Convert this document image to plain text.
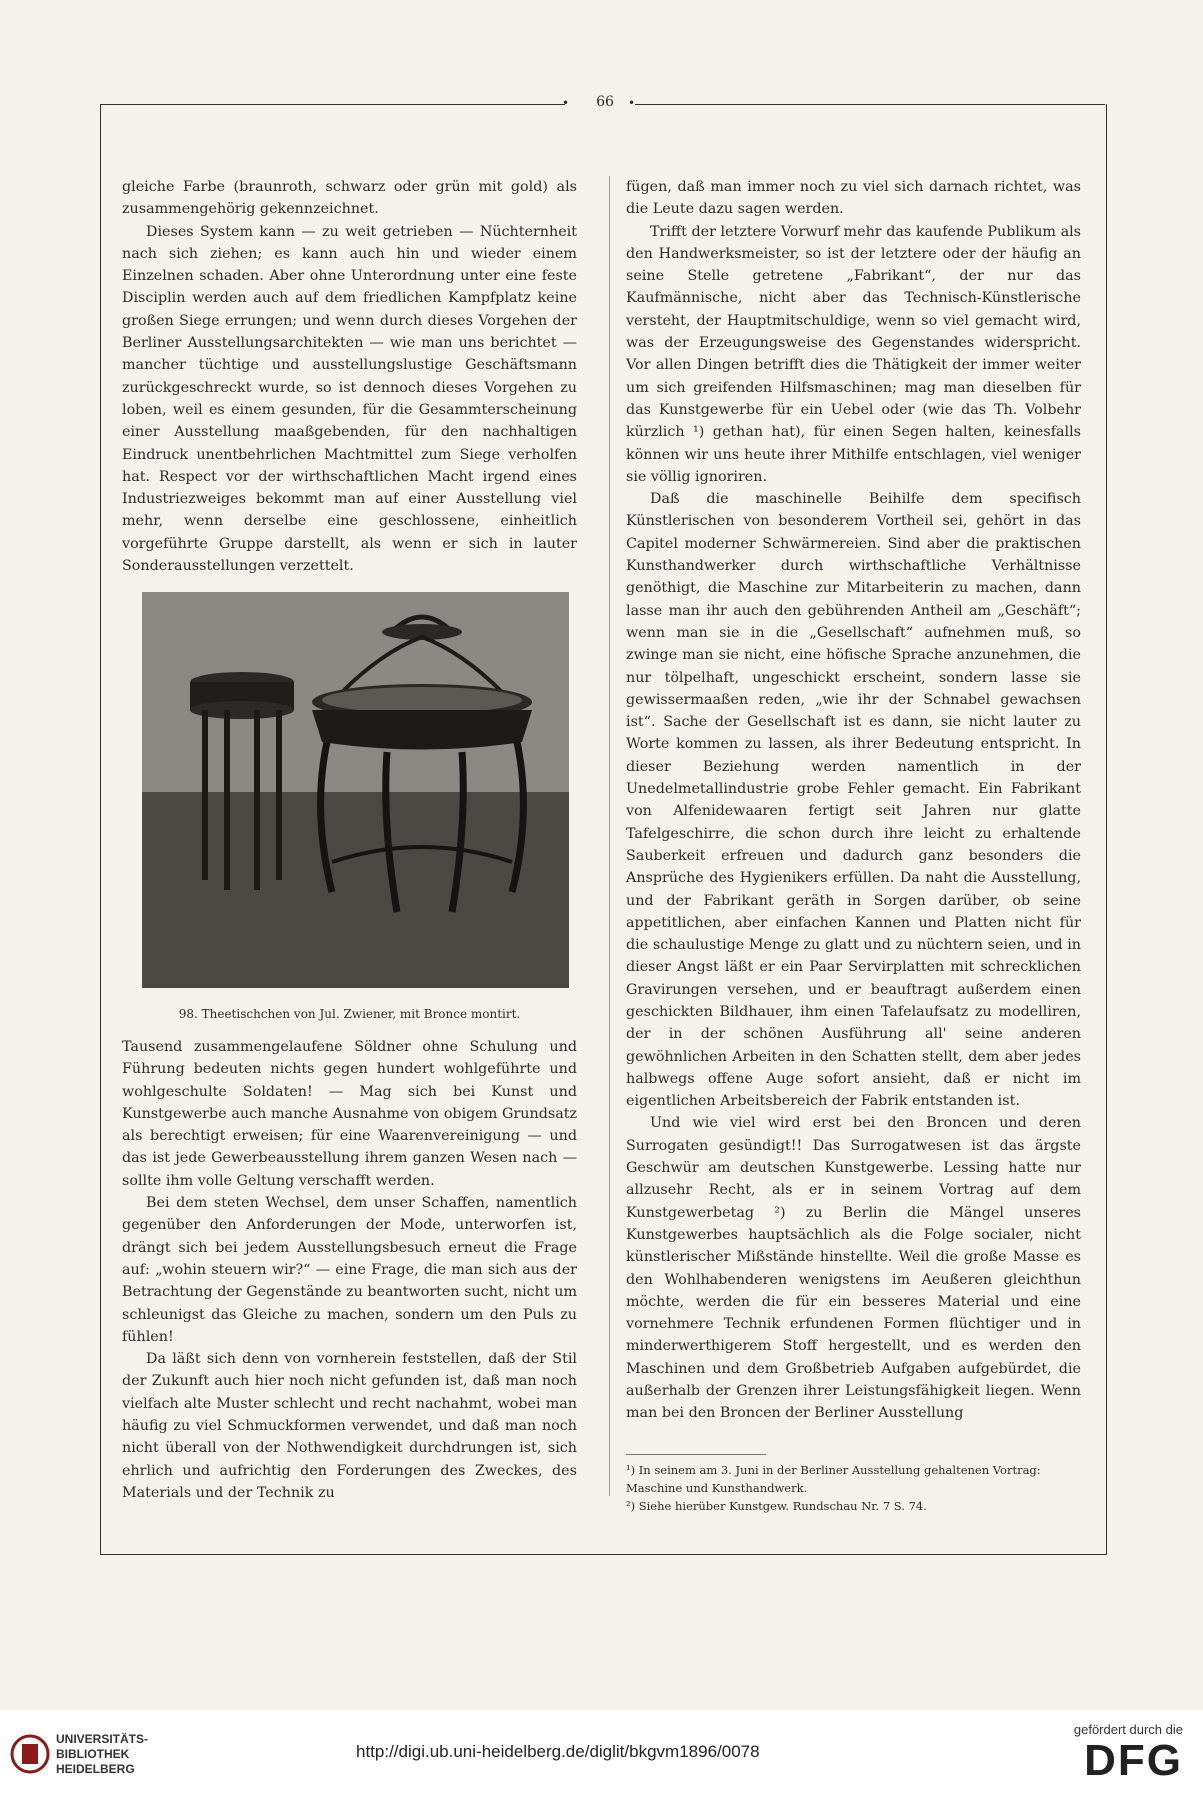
•	66	•

gleiche Farbe (braunroth, schwarz oder grün mit gold) als zusammengehörig gekennzeichnet.

Dieses System kann — zu weit getrieben — Nüchternheit nach sich ziehen; es kann auch hin und wieder einem Einzelnen schaden. Aber ohne Unterordnung unter eine feste Disciplin werden auch auf dem friedlichen Kampfplatz keine großen Siege errungen; und wenn durch dieses Vorgehen der Berliner Ausstellungsarchitekten — wie man uns berichtet — mancher tüchtige und ausstellungslustige Geschäftsmann zurückgeschreckt wurde, so ist dennoch dieses Vorgehen zu loben, weil es einem gesunden, für die Gesammterscheinung einer Ausstellung maaßgebenden, für den nachhaltigen Eindruck unentbehrlichen Machtmittel zum Siege verholfen hat. Respect vor der wirthschaftlichen Macht irgend eines Industriezweiges bekommt man auf einer Ausstellung viel mehr, wenn derselbe eine geschlossene, einheitlich vorgeführte Gruppe darstellt, als wenn er sich in lauter Sonderausstellungen verzettelt.

98. Theetischchen von Jul. Zwiener, mit Bronce montirt.

Tausend zusammengelaufene Söldner ohne Schulung und Führung bedeuten nichts gegen hundert wohlgeführte und wohlgeschulte Soldaten! — Mag sich bei Kunst und Kunstgewerbe auch manche Ausnahme von obigem Grundsatz als berechtigt erweisen; für eine Waarenvereinigung — und das ist jede Gewerbeausstellung ihrem ganzen Wesen nach — sollte ihm volle Geltung verschafft werden.

Bei dem steten Wechsel, dem unser Schaffen, namentlich gegenüber den Anforderungen der Mode, unterworfen ist, drängt sich bei jedem Ausstellungsbesuch erneut die Frage auf: „wohin steuern wir?“ — eine Frage, die man sich aus der Betrachtung der Gegenstände zu beantworten sucht, nicht um schleunigst das Gleiche zu machen, sondern um den Puls zu fühlen!

Da läßt sich denn von vornherein feststellen, daß der Stil der Zukunft auch hier noch nicht gefunden ist, daß man noch vielfach alte Muster schlecht und recht nachahmt, wobei man häufig zu viel Schmuckformen verwendet, und daß man noch nicht überall von der Nothwendigkeit durchdrungen ist, sich ehrlich und aufrichtig den Forderungen des Zweckes, des Materials und der Technik zu

fügen, daß man immer noch zu viel sich darnach richtet, was die Leute dazu sagen werden.

Trifft der letztere Vorwurf mehr das kaufende Publikum als den Handwerksmeister, so ist der letztere oder der häufig an seine Stelle getretene „Fabrikant“, der nur das Kaufmännische, nicht aber das Technisch-Künstlerische versteht, der Hauptmitschuldige, wenn so viel gemacht wird, was der Erzeugungsweise des Gegenstandes widerspricht. Vor allen Dingen betrifft dies die Thätigkeit der immer weiter um sich greifenden Hilfsmaschinen; mag man dieselben für das Kunstgewerbe für ein Uebel oder (wie das Th. Volbehr kürzlich ¹) gethan hat), für einen Segen halten, keinesfalls können wir uns heute ihrer Mithilfe entschlagen, viel weniger sie völlig ignoriren.

Daß die maschinelle Beihilfe dem specifisch Künstlerischen von besonderem Vortheil sei, gehört in das Capitel moderner Schwärmereien. Sind aber die praktischen Kunsthandwerker durch wirthschaftliche Verhältnisse genöthigt, die Maschine zur Mitarbeiterin zu machen, dann lasse man ihr auch den gebührenden Antheil am „Geschäft“; wenn man sie in die „Gesellschaft“ aufnehmen muß, so zwinge man sie nicht, eine höfische Sprache anzunehmen, die nur tölpelhaft, ungeschickt erscheint, sondern lasse sie gewissermaaßen reden, „wie ihr der Schnabel gewachsen ist“. Sache der Gesellschaft ist es dann, sie nicht lauter zu Worte kommen zu lassen, als ihrer Bedeutung entspricht. In dieser Beziehung werden namentlich in der Unedelmetallindustrie grobe Fehler gemacht. Ein Fabrikant von Alfenidewaaren fertigt seit Jahren nur glatte Tafelgeschirre, die schon durch ihre leicht zu erhaltende Sauberkeit erfreuen und dadurch ganz besonders die Ansprüche des Hygienikers erfüllen. Da naht die Ausstellung, und der Fabrikant geräth in Sorgen darüber, ob seine appetitlichen, aber einfachen Kannen und Platten nicht für die schaulustige Menge zu glatt und zu nüchtern seien, und in dieser Angst läßt er ein Paar Servirplatten mit schrecklichen Gravirungen versehen, und er beauftragt außerdem einen geschickten Bildhauer, ihm einen Tafelaufsatz zu modelliren, der in der schönen Ausführung all' seine anderen gewöhnlichen Arbeiten in den Schatten stellt, dem aber jedes halbwegs offene Auge sofort ansieht, daß er nicht im eigentlichen Arbeitsbereich der Fabrik entstanden ist.

Und wie viel wird erst bei den Broncen und deren Surrogaten gesündigt!! Das Surrogatwesen ist das ärgste Geschwür am deutschen Kunstgewerbe. Lessing hatte nur allzusehr Recht, als er in seinem Vortrag auf dem Kunstgewerbetag ²) zu Berlin die Mängel unseres Kunstgewerbes hauptsächlich als die Folge socialer, nicht künstlerischer Mißstände hinstellte. Weil die große Masse es den Wohlhabenderen wenigstens im Aeußeren gleichthun möchte, werden die für ein besseres Material und eine vornehmere Technik erfundenen Formen flüchtiger und in minderwerthigerem Stoff hergestellt, und es werden den Maschinen und dem Großbetrieb Aufgaben aufgebürdet, die außerhalb der Grenzen ihrer Leistungsfähigkeit liegen. Wenn man bei den Broncen der Berliner Ausstellung

¹) In seinem am 3. Juni in der Berliner Ausstellung gehaltenen Vortrag: Maschine und Kunsthandwerk.

²) Siehe hierüber Kunstgew. Rundschau Nr. 7 S. 74.

UNIVERSITÄTS-
BIBLIOTHEK
HEIDELBERG
http://digi.ub.uni-heidelberg.de/diglit/bkgvm1896/0078
gefördert durch die
DFG
